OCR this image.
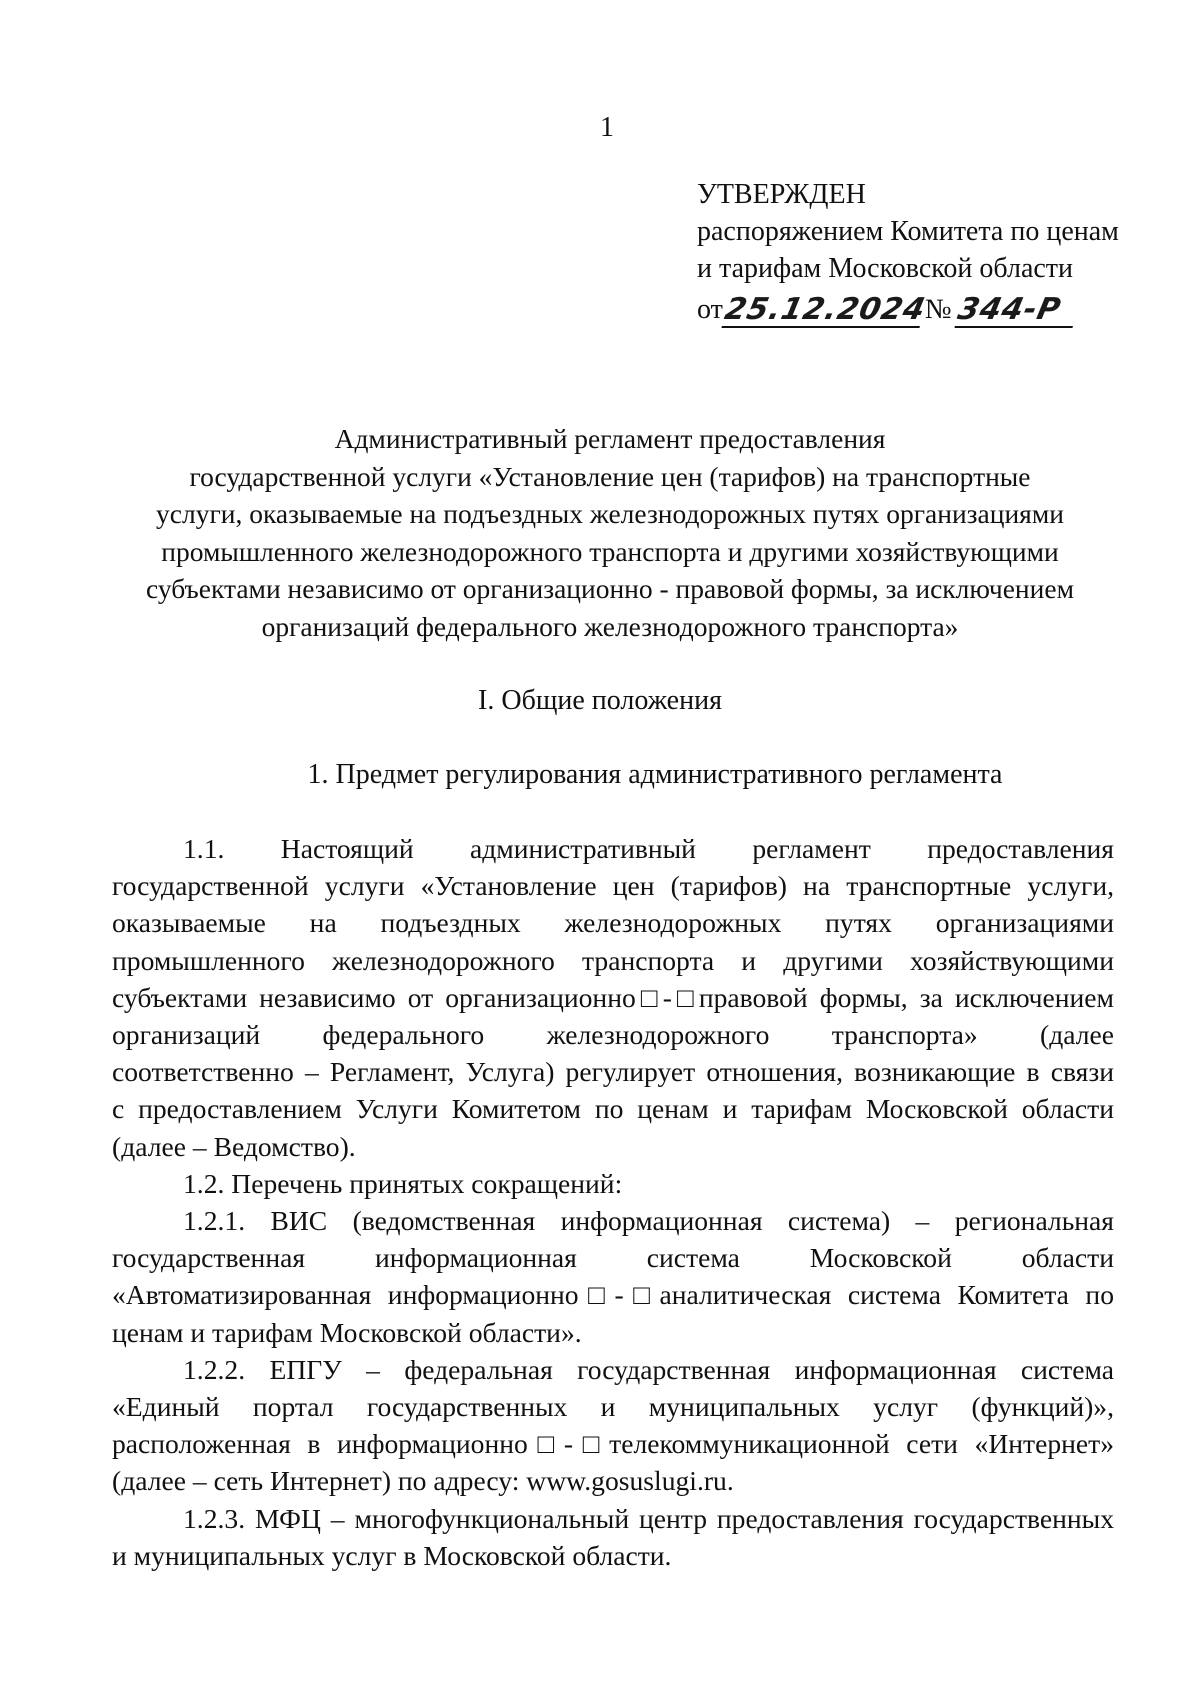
1
УТВЕРЖДЕН
распоряжением Комитета по ценам
и тарифам Московской области
от
25.12.2024
№ 344-Р
Административный регламент предоставления
государственной услуги «Установление цен (тарифов) на транспортные
услуги, оказываемые на подъездных железнодорожных путях организациями
промышленного железнодорожного транспорта и другими хозяйствующими
субъектами независимо от организационно - правовой формы, за исключением
организаций федерального железнодорожного транспорта»
I. Общие положения
1. Предмет регулирования административного регламента
1.1. Настоящий административный регламент предоставления
государственной услуги «Установление цен (тарифов) на транспортные услуги,
оказываемые на подъездных железнодорожных путях организациями
промышленного железнодорожного транспорта и другими хозяйствующими
субъектами независимо от организационно□-□правовой формы, за исключением
организаций федерального железнодорожного транспорта» (далее
соответственно – Регламент, Услуга) регулирует отношения, возникающие в связи
с предоставлением Услуги Комитетом по ценам и тарифам Московской области
(далее – Ведомство).
1.2. Перечень принятых сокращений:
1.2.1. ВИС (ведомственная информационная система) – региональная
государственная информационная система Московской области
«Автоматизированная информационно□-□аналитическая система Комитета по
ценам и тарифам Московской области».
1.2.2. ЕПГУ – федеральная государственная информационная система
«Единый портал государственных и муниципальных услуг (функций)»,
расположенная в информационно□-□телекоммуникационной сети «Интернет»
(далее – сеть Интернет) по адресу: www.gosuslugi.ru.
1.2.3. МФЦ – многофункциональный центр предоставления государственных
и муниципальных услуг в Московской области.
